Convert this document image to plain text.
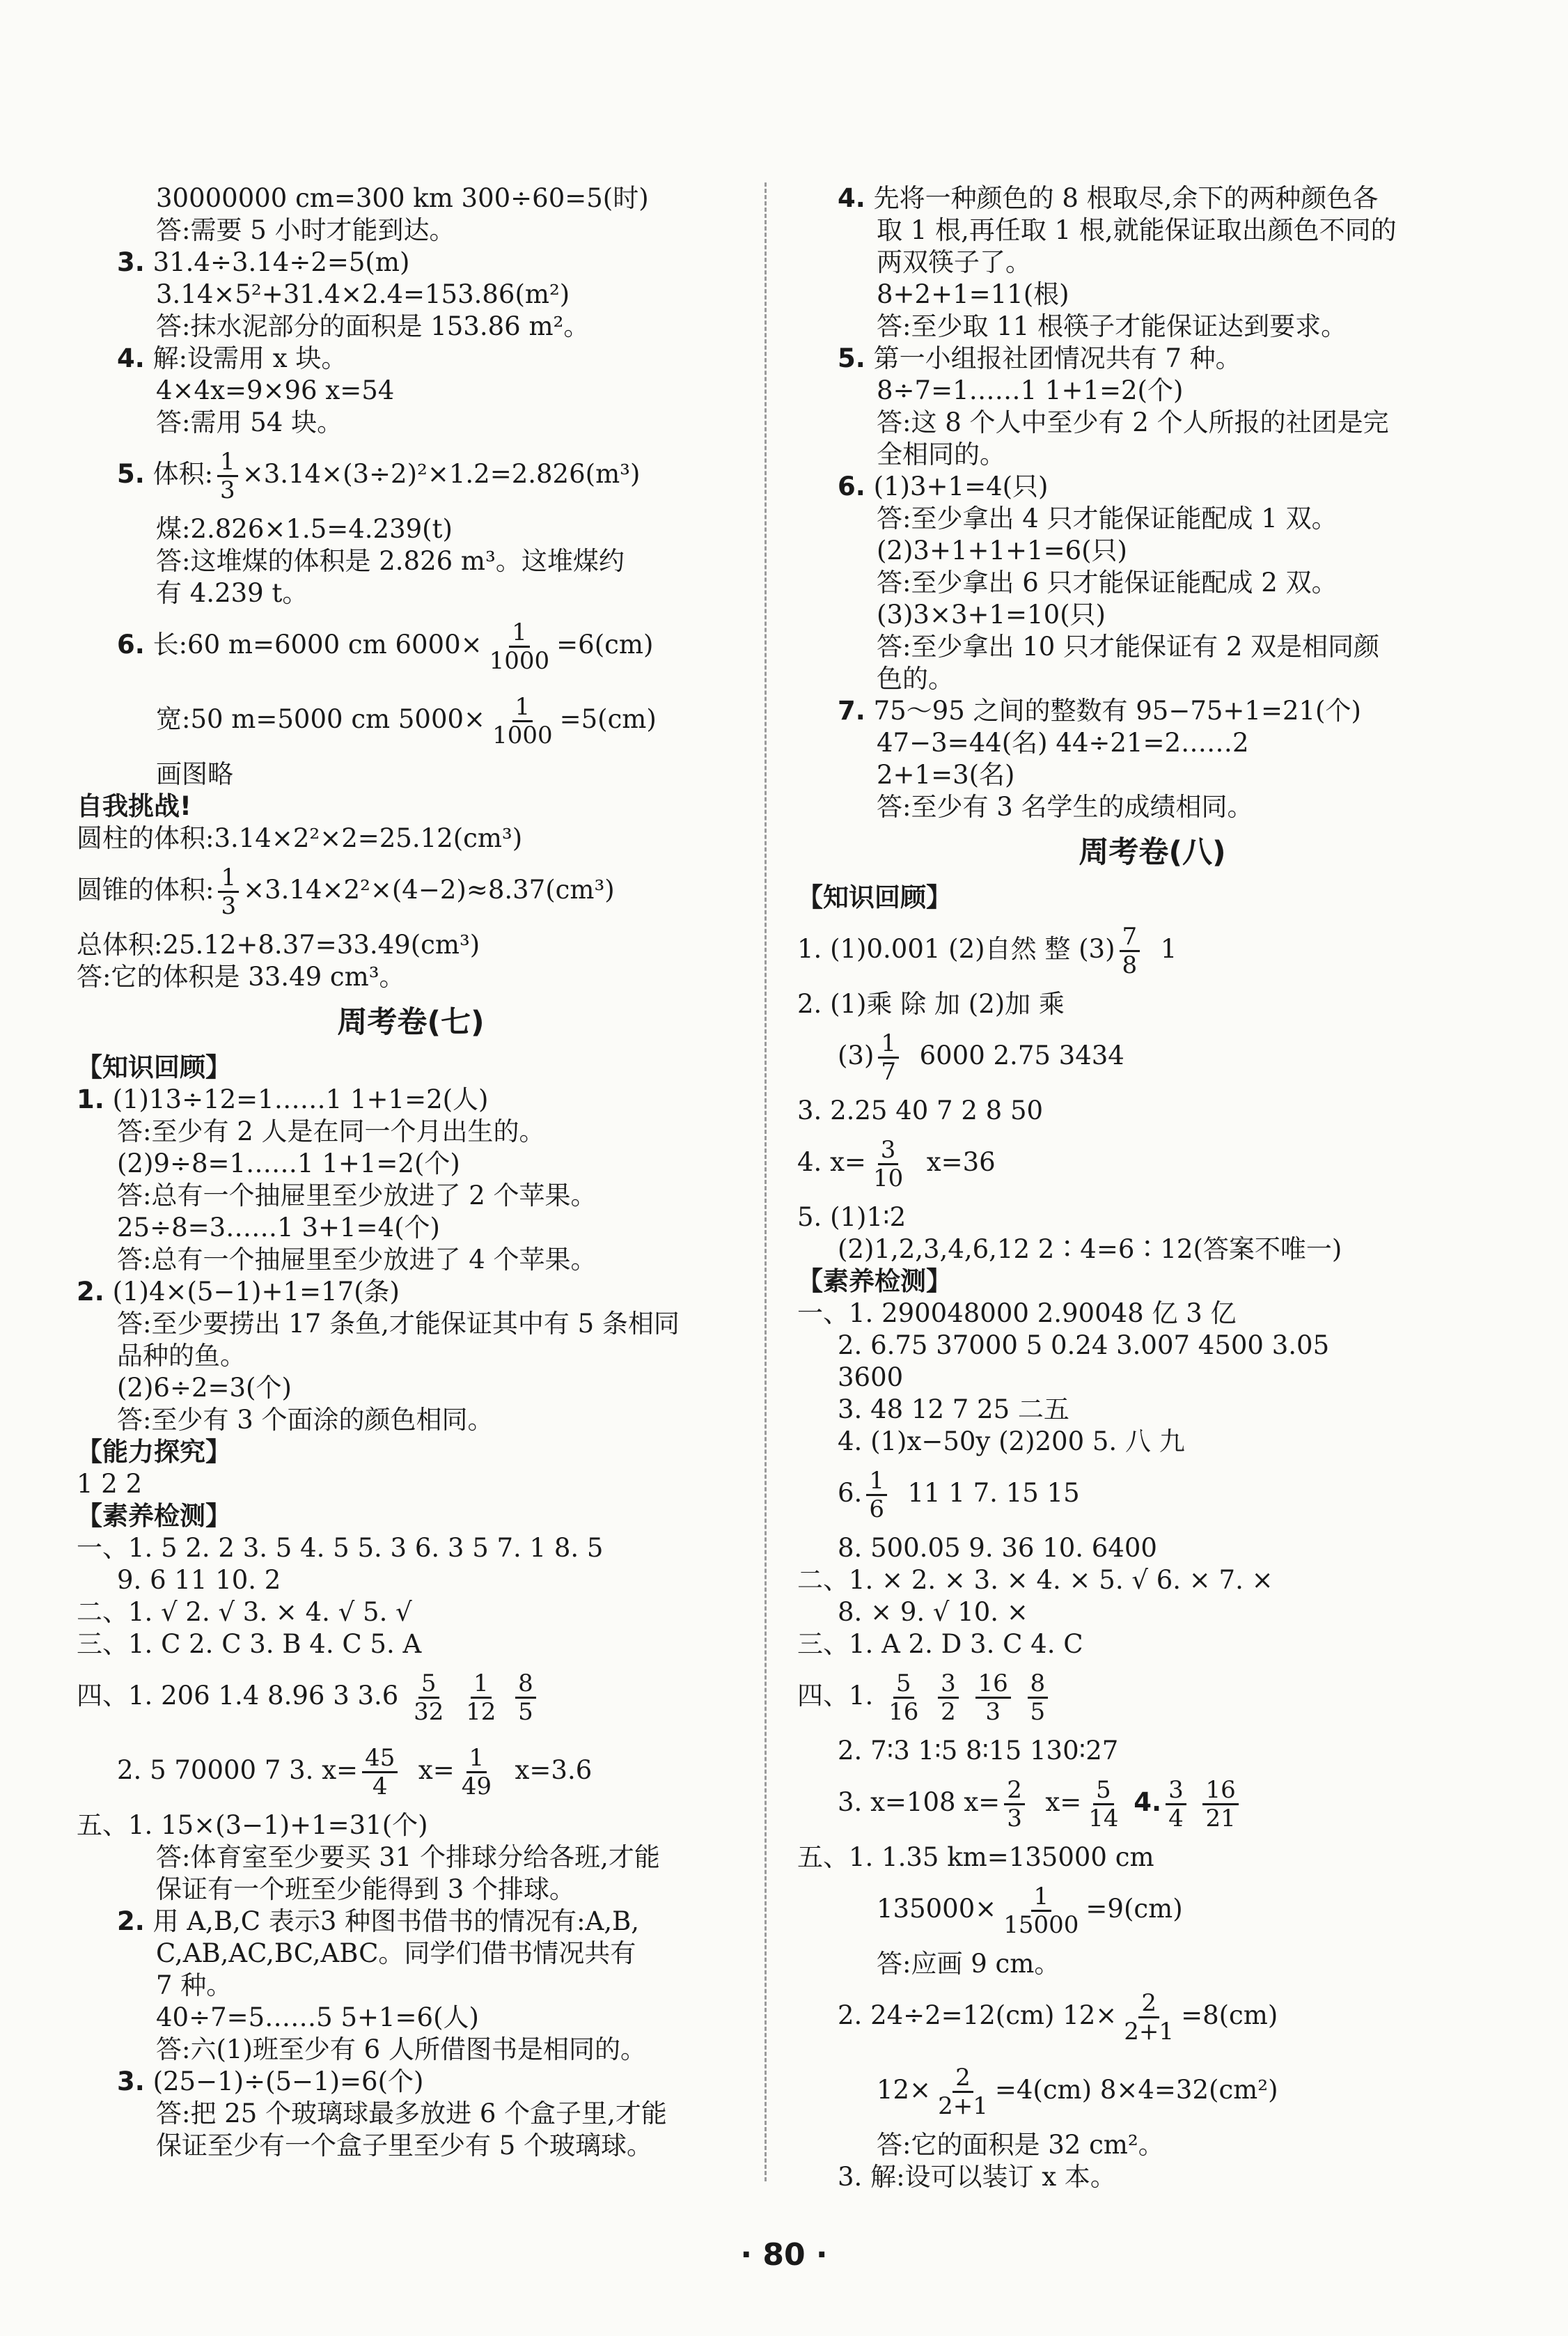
30000000 cm=300 km 300÷60=5(时)
答:需要 5 小时才能到达。
3. 31.4÷3.14÷2=5(m)
3.14×5²+31.4×2.4=153.86(m²)
答:抹水泥部分的面积是 153.86 m²。
4. 解:设需用 x 块。
4×4x=9×96 x=54
答:需用 54 块。
5. 体积: $\frac{1}{3} \times 3.14\times(3\div 2)^2\times 1.2=2.826(m^3)$
煤:2.826×1.5=4.239(t)
答:这堆煤的体积是 2.826 m³。这堆煤约
有 4.239 t。
6. 长:60 m=6000 cm $6000\times \frac{1}{1000} =6(cm)$
宽:50 m=5000 cm $5000\times \frac{1}{1000} =5(cm)$
画图略
自我挑战!
圆柱的体积:3.14×2²×2=25.12(cm³)
圆锥的体积: $\frac{1}{3} \times 3.14\times 2^2\times(4-2)\approx 8.37(cm^3)$
总体积:25.12+8.37=33.49(cm³)
答:它的体积是 33.49 cm³。
周考卷(七)
【知识回顾】
1. (1)13÷12=1……1 1+1=2(人)
答:至少有 2 人是在同一个月出生的。
(2)9÷8=1……1 1+1=2(个)
答:总有一个抽屉里至少放进了 2 个苹果。
25÷8=3……1 3+1=4(个)
答:总有一个抽屉里至少放进了 4 个苹果。
2. (1)4×(5−1)+1=17(条)
答:至少要捞出 17 条鱼,才能保证其中有 5 条相同
品种的鱼。
(2)6÷2=3(个)
答:至少有 3 个面涂的颜色相同。
【能力探究】
1 2 2
【素养检测】
一、1. 5 2. 2 3. 5 4. 5 5. 3 6. 3 5 7. 1 8. 5
9. 6 11 10. 2
二、1. √ 2. √ 3. × 4. √ 5. √
三、1. C 2. C 3. B 4. C 5. A
四、1. 206 1.4 8.96 3 $3.6 \frac{5}{32}$
$\frac{1}{12}$
$\frac{8}{5}$
2. 5 70000 7 3. $x= \frac{45}{4} x= \frac{1}{49} x=3.6$
五、1. 15×(3−1)+1=31(个)
答:体育室至少要买 31 个排球分给各班,才能
保证有一个班至少能得到 3 个排球。
2. 用 A,B,C 表示3 种图书借书的情况有:A,B,
C,AB,AC,BC,ABC。同学们借书情况共有
7 种。
40÷7=5……5 5+1=6(人)
答:六(1)班至少有 6 人所借图书是相同的。
3. (25−1)÷(5−1)=6(个)
答:把 25 个玻璃球最多放进 6 个盒子里,才能
保证至少有一个盒子里至少有 5 个玻璃球。
4. 先将一种颜色的 8 根取尽,余下的两种颜色各
取 1 根,再任取 1 根,就能保证取出颜色不同的
两双筷子了。
8+2+1=11(根)
答:至少取 11 根筷子才能保证达到要求。
5. 第一小组报社团情况共有 7 种。
8÷7=1……1 1+1=2(个)
答:这 8 个人中至少有 2 个人所报的社团是完
全相同的。
6. (1)3+1=4(只)
答:至少拿出 4 只才能保证能配成 1 双。
(2)3+1+1+1=6(只)
答:至少拿出 6 只才能保证能配成 2 双。
(3)3×3+1=10(只)
答:至少拿出 10 只才能保证有 2 双是相同颜
色的。
7. 75～95 之间的整数有 95−75+1=21(个)
47−3=44(名) 44÷21=2……2
2+1=3(名)
答:至少有 3 名学生的成绩相同。
周考卷(八)
【知识回顾】
1. (1)0.001 (2)自然 整 $(3) \frac{7}{8} 1$
2. (1)乘 除 加 (2)加 乘
$(3) \frac{1}{7} 6000$ 2.75 3434
3. 2.25 40 7 2 8 50
4. $x= \frac{3}{10} x=36$
5. (1)1∶2
(2)1,2,3,4,6,12 2∶4=6∶12(答案不唯一)
【素养检测】
一、1. 290048000 2.90048 亿 3 亿
2. 6.75 37000 5 0.24 3.007 4500 3.05
3600
3. 48 12 7 25 二五
4. (1)x−50y (2)200 5. 八 九
6. $\frac{1}{6} 11$ 1 7. 15 15
8. 500.05 9. 36 10. 6400
二、1. × 2. × 3. × 4. × 5. √ 6. × 7. ×
8. × 9. √ 10. ×
三、1. A 2. D 3. C 4. C
四、1. $\frac{5}{16}$
$\frac{3}{2}$
$\frac{16}{3}$
$\frac{8}{5}$
2. 7∶3 1∶5 8∶15 130∶27
3. x=108 $x= \frac{2}{3} x= \frac{5}{14} 4$. $\frac{3}{4}$
$\frac{16}{21}$
五、1. 1.35 km=135000 cm
$135000\times \frac{1}{15000} =9(cm)$
答:应画 9 cm。
2. 24÷2=12(cm) $12\times \frac{2}{2+1} =8(cm)$
$12\times \frac{2}{2+1} =4(cm)$ 8×4=32(cm²)
答:它的面积是 32 cm²。
3. 解:设可以装订 x 本。
· 80 ·
